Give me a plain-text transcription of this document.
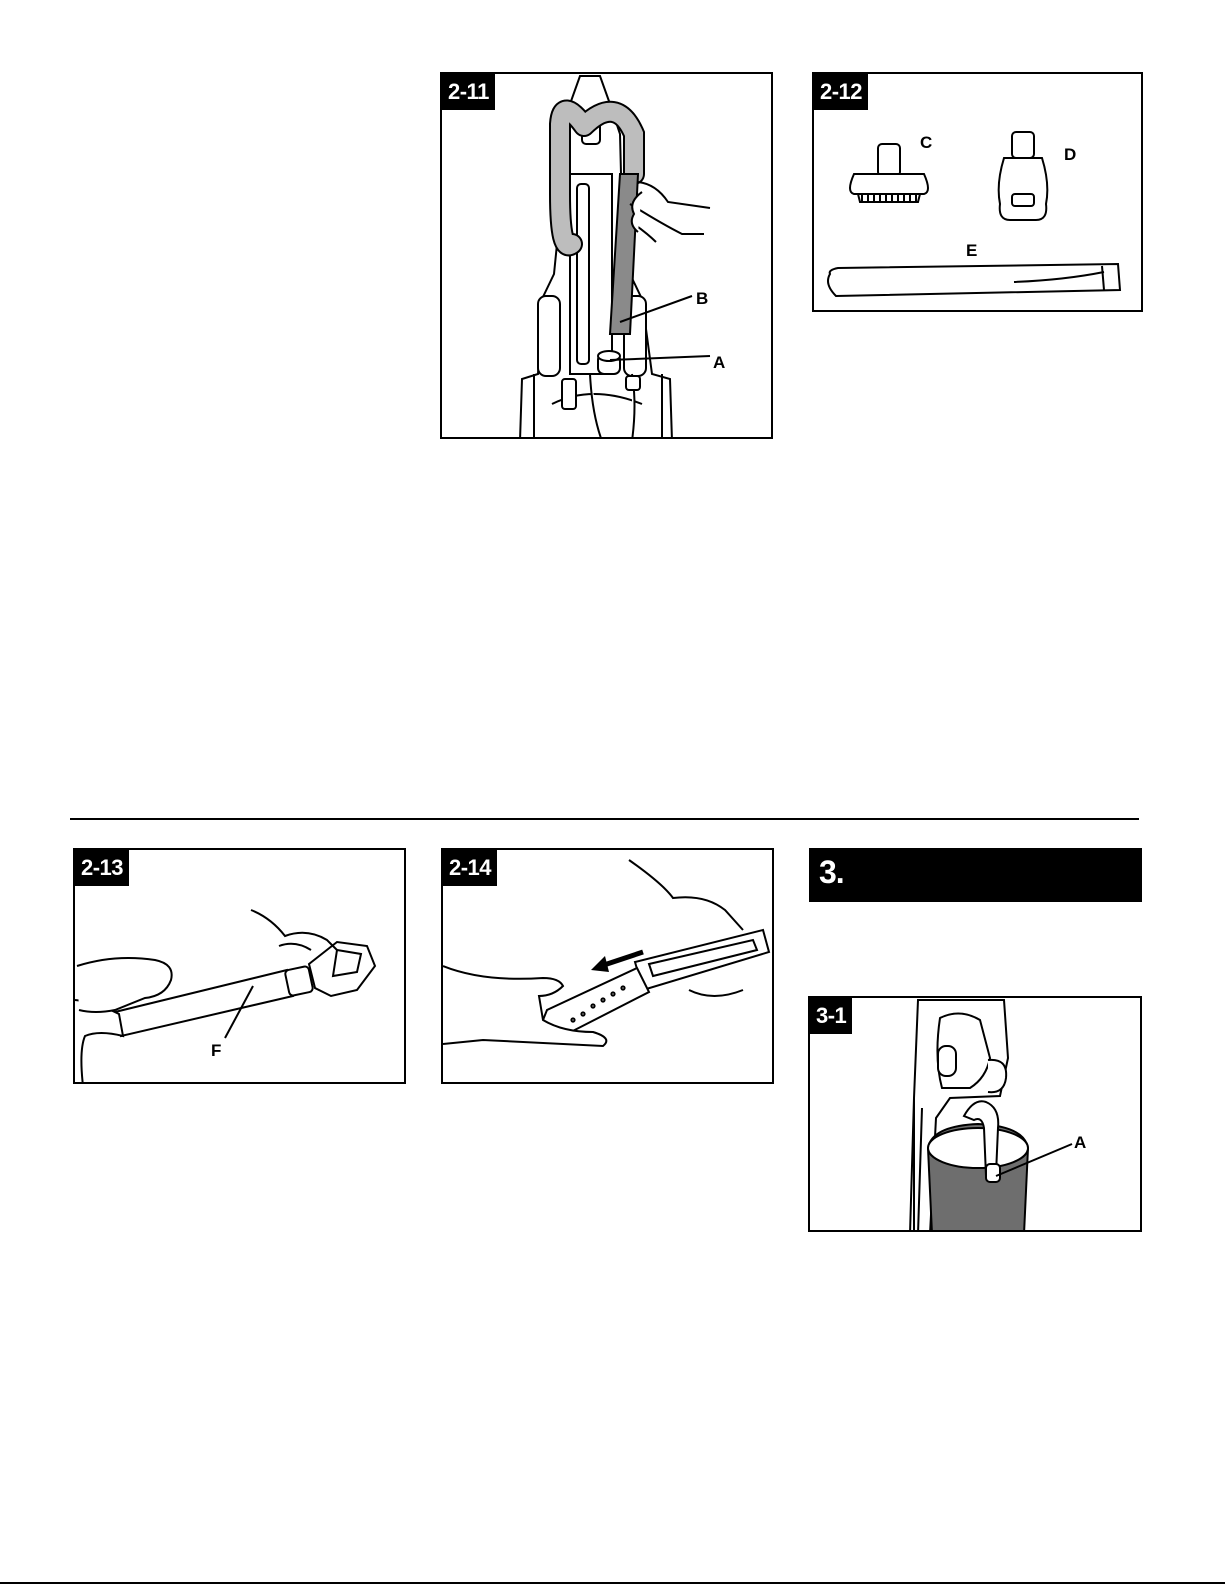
2-11
B
A
2-12
C
D
E
2-13
F
2-14	3.
3-1
A
